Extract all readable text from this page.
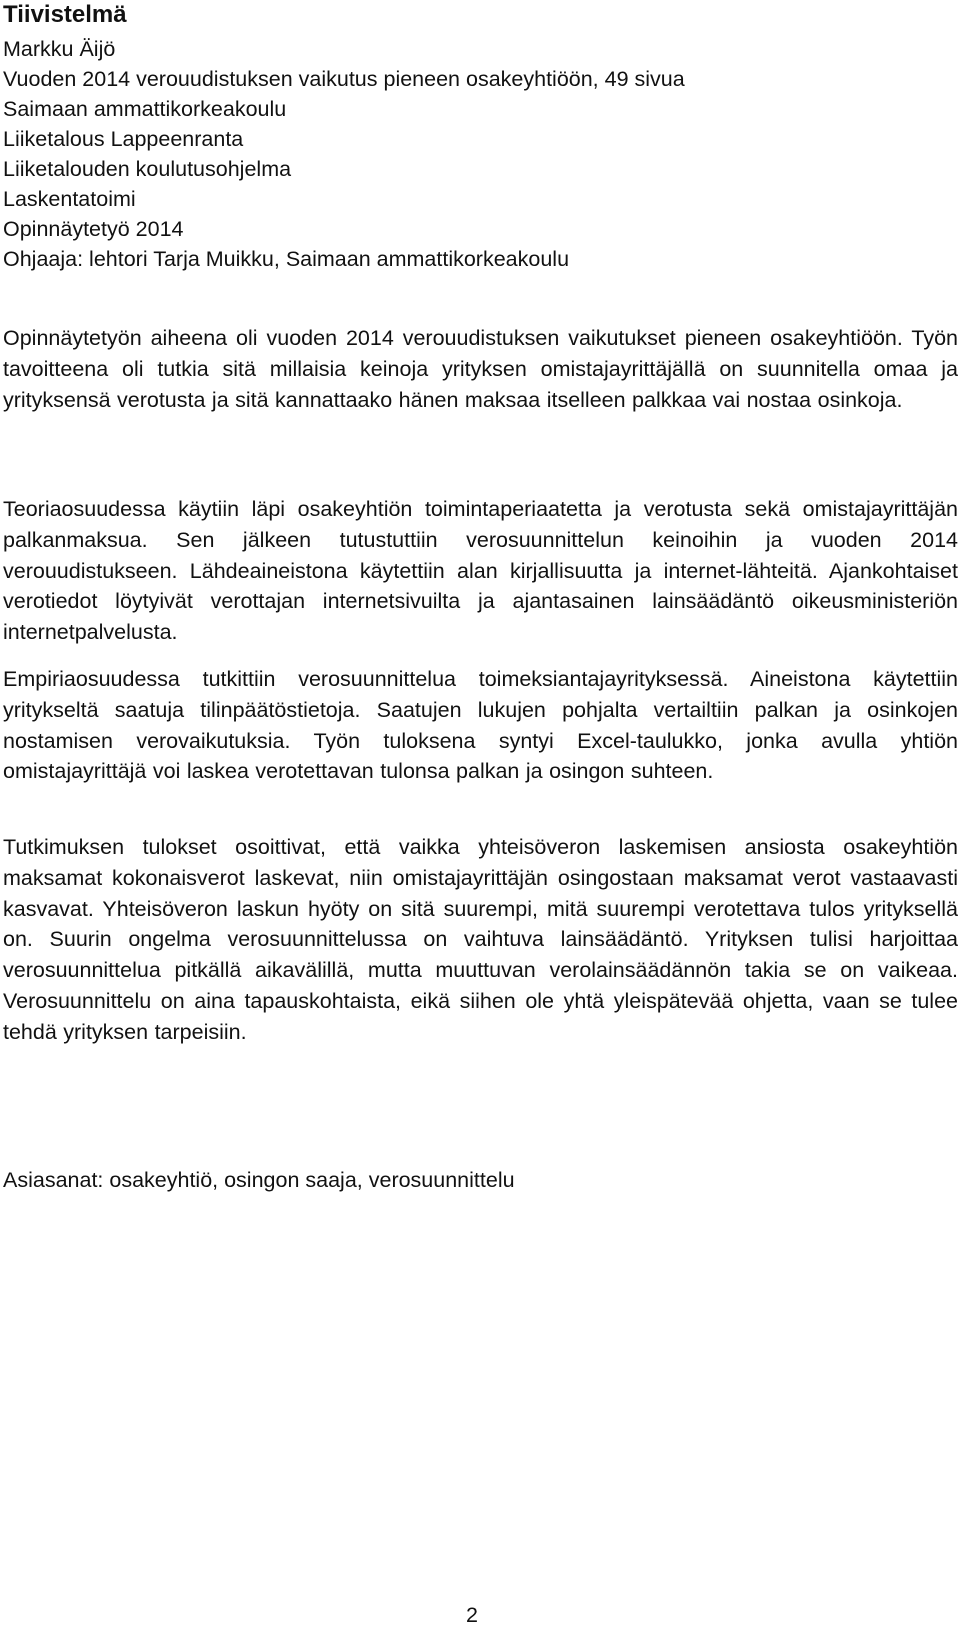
Tiivistelmä
Markku Äijö
Vuoden 2014 verouudistuksen vaikutus pieneen osakeyhtiöön, 49 sivua
Saimaan ammattikorkeakoulu
Liiketalous Lappeenranta
Liiketalouden koulutusohjelma
Laskentatoimi
Opinnäytetyö 2014
Ohjaaja: lehtori Tarja Muikku, Saimaan ammattikorkeakoulu

Opinnäytetyön aiheena oli vuoden 2014 verouudistuksen vaikutukset pieneen osakeyhtiöön. Työn tavoitteena oli tutkia sitä millaisia keinoja yrityksen omistajayrittäjällä on suunnitella omaa ja yrityksensä verotusta ja sitä kannattaako hänen maksaa itselleen palkkaa vai nostaa osinkoja.

Teoriaosuudessa käytiin läpi osakeyhtiön toimintaperiaatetta ja verotusta sekä omistajayrittäjän palkanmaksua. Sen jälkeen tutustuttiin verosuunnittelun keinoihin ja vuoden 2014 verouudistukseen. Lähdeaineistona käytettiin alan kirjallisuutta ja internet-lähteitä. Ajankohtaiset verotiedot löytyivät verottajan internetsivuilta ja ajantasainen lainsäädäntö oikeusministeriön internetpalvelusta.

Empiriaosuudessa tutkittiin verosuunnittelua toimeksiantajayrityksessä. Ainеistona käytettiin yritykseltä saatuja tilinpäätöstietoja. Saatujen lukujen pohjalta vertailtiin palkan ja osinkojen nostamisen verovaikutuksia. Työn tuloksena syntyi Excel-taulukko, jonka avulla yhtiön omistajayrittäjä voi laskea verotettavan tulonsa palkan ja osingon suhteen.

Tutkimuksen tulokset osoittivat, että vaikka yhteisöveron laskemisen ansiosta osakeyhtiön maksamat kokonaisverot laskevat, niin omistajayrittäjän osingostaan maksamat verot vastaavasti kasvavat. Yhteisöveron laskun hyöty on sitä suurempi, mitä suurempi verotettava tulos yrityksellä on. Suurin ongelma verosuunnittelussa on vaihtuva lainsäädäntö. Yrityksen tulisi harjoittaa verosuunnittelua pitkällä aikavälillä, mutta muuttuvan verolainsäädännön takia se on vaikeaa. Verosuunnittelu on aina tapauskohtaista, eikä siihen ole yhtä yleispätevää ohjetta, vaan se tulee tehdä yrityksen tarpeisiin.

Asiasanat: osakeyhtiö, osingon saaja, verosuunnittelu

2
